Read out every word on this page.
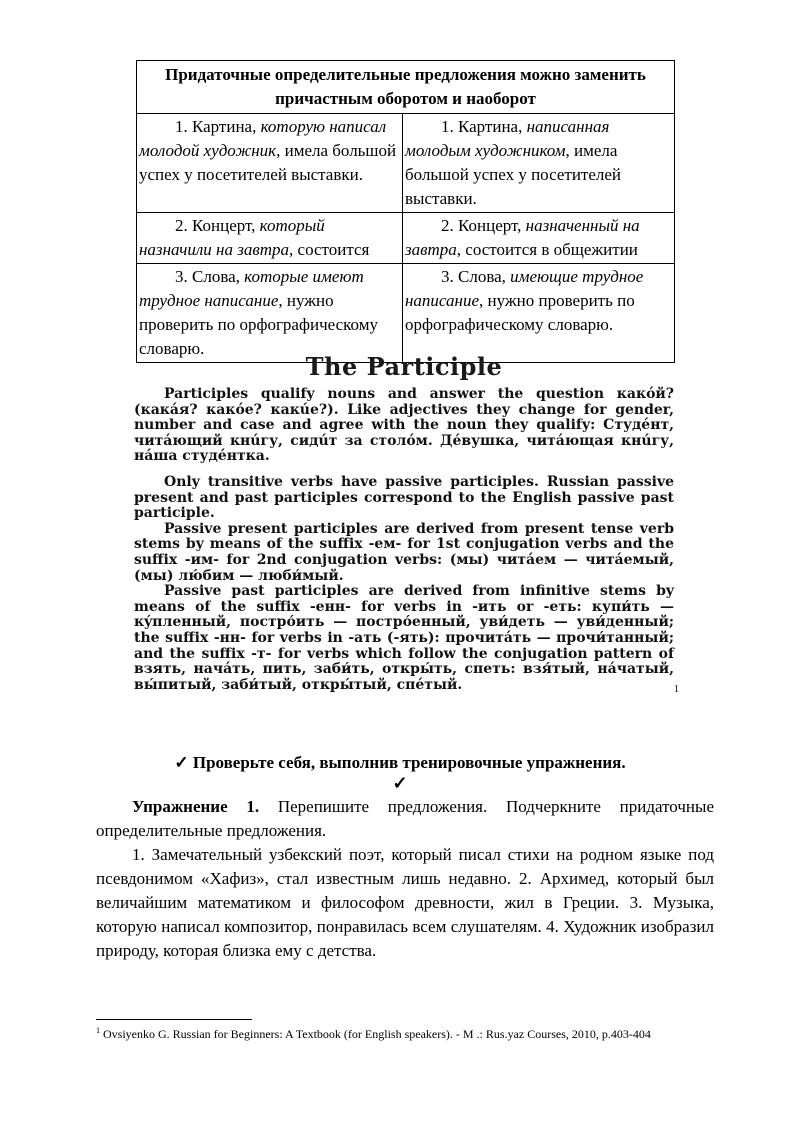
Придаточные определительные предложения можно заменить причастным оборотом и наоборот	
1. Картина, которую написал молодой художник, имела большой успех у посетителей выставки.	1. Картина, написанная молодым художником, имела большой успех у посетителей выставки.
2. Концерт, который назначили на завтра, состоится	2. Концерт, назначенный на завтра, состоится в общежитии
3. Слова, которые имеют трудное написание, нужно проверить по орфографическому словарю.	3. Слова, имеющие трудное написание, нужно проверить по орфографическому словарю.
The Participle

Participles qualify nouns and answer the question какóй? (какáя? какóе? какúе?). Like adjectives they change for gender, number and case and agree with the noun they qualify: Студéнт, читáющий кнúгу, сидúт за столóм. Дéвушка, читáющая кнúгу, нáша студéнтка.

Only transitive verbs have passive participles. Russian passive present and past participles correspond to the English passive past participle.

Passive present participles are derived from present tense verb stems by means of the suffix -ем- for 1st conjugation verbs and the suffix -им- for 2nd conjugation verbs: (мы) читáем — читáемый, (мы) лю́бим — люби́мый.

Passive past participles are derived from infinitive stems by means of the suffix -енн- for verbs in -ить or -еть: купи́ть — кýпленный, постро́ить — постро́енный, уви́деть — уви́денный; the suffix -нн- for verbs in -ать (-ять): прочитáть — прочи́танный; and the suffix -т- for verbs which follow the conjugation pattern of взять, начáть, пить, заби́ть, откры́ть, спеть: взя́тый, нáчатый, вы́питый, заби́тый, откры́тый, спéтый.	1
✓ Проверьте себя, выполнив тренировочные упражнения.
✓

Упражнение 1. Перепишите предложения. Подчеркните придаточные определительные предложения.

1. Замечательный узбекский поэт, который писал стихи на родном языке под псевдонимом «Хафиз», стал известным лишь недавно. 2. Архимед, который был величайшим математиком и философом древности, жил в Греции. 3. Музыка, которую написал композитор, понравилась всем слушателям. 4. Художник изобразил природу, которая близка ему с детства.

$^1$ Ovsiyenko G. Russian for Beginners: A Textbook (for English speakers). - M .: Rus.yaz Courses, 2010, p.403-404
